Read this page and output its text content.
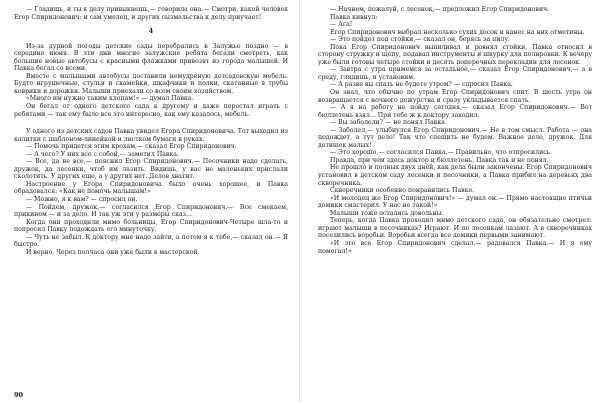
— Гладишь, и ты к делу привыкнешь,— говорила она.— Смотри, какой человек Егор Спиридонович: и сам умелец, и других сызмальства к делу приучает!

4

Из-за дурной погоды детские сады перебрались в Залужье поздно — в середине июня. В эти дни многие залужские ребята бегали смотреть, как большие новые автобусы с красными флажками привозят из города малышей. И Павка бегал со всеми.

Вместе с малышами автобусы доставили немудреную детсадовскую мебель. Будто игрушечные, стулья и скамейки, шкафчики и полки, скатанные в трубы коврики и дорожки. Малыши приехали со всем своим хозяйством.

«Много им нужно таким клопам!» — думал Павка.

Он бегал от одного детского сада к другому и даже перестал играть с ребятами — так ему было все это интересно, как ему казалось, мебель.

У одного из детских садов Павка увидел Егора Спиридоновича. Тот выходил из калитки с шаблоном-линейкой и листком бумаги в руках.

— Помочь придется этим крохам,— сказал Егор Спиридонович.

— А чего? У них все с собой,— заметил Павка.

— Все, да не все,— пояснил Егор Спиридонович.— Песочники надо сделать, дружок, да лесенки, чтоб им лазить. Видишь, у вас не маленьких прислали сколотить. У других еще, а у других нет. Делов хватит.

Настроение у Егора Спиридоновича было очень хорошее, и Павка обрадовался: «Как не помочь малышам!»

— Можно, я к вам? — спросил он.

— Пойдем, дружок,— согласился Егор Спиридонович.— Все смекаем, прикинем — и за дело. И так уж эти у размеры сказ...

Когда они проходили мимо больницы, Егор Спиридонович-Четыре шла-то и попросил Павку подождать его минуточку.

— Чуть не забыл. К доктору мне надо зайти, а потом я к тебе,— сказал он.— Я быстро.

И верно. Через полчаса они уже были в мастерской.

90

— Начнем, пожалуй, с лесенок,— предложил Егор Спиридонович.

Павка кивнул:

— Ага!

Егор Спиридонович выбрал несколько сухих досок и нанес на них отметины.

— Это пойдет под стойки,— сказал он, берясь за пилу.

Пока Егор Спиридонович выпиливал и ровнял стойки, Павка относил в сторону стружку и щепу, подавал инструменты и шкурку для полировки. К вечеру уже были готовы четыре стойки и десять поперечных перекладин для лесенок.

— Завтра с утра примемся за остальное,— сказал Егор Спиридонович,— а в среду, глядишь, и установим.

— А разве вы спать не будете утром? — спросил Павка.

Он знал, что обычно по утрам Егор Спиридонович спит. В шесть утра он возвращается с ночного дежурства и сразу укладывается спать.

— А я на работу не пойду сегодня,— сказал Егор Спиридонович.— Вот бюллетень взял... При тебе ж к доктору заходил.

— Вы заболели? — не понял Павка.

— Заболел,— улыбнулся Егор Спиридонович.— Не в том смысл. Работа — она подождет, а тут дело! Так что спешить не будем. Важное дело, дружок. Для детишек малых!

— Это хорошо,— согласился Павка.— Правильно, что отпросились.

Правда, при чем здесь доктор и бюллетень, Павка так и не понял.

Не прошло и полных двух дней, как дела были закончены. Егор Спиридонович установил в детском саду лесенки и песочники, а Павка прибил на деревьях два скворечника.

Скворечники особенно понравились Павке.

«И молодец же Егор Спиридонович!» — думал он.— Прямо настоящие птичьи домики смастерил. У нас не такой!»

Малыши тоже остались довольны.

Теперь, когда Павка проходил мимо детского сада, он обязательно смотрел: играют малыши в песочниках? Играют. И по лесенкам лазают. А в скворечниках поселились воробьи. Воробьи всегда все домики первыми занимают.

«И это все Егор Спиридонович сделал,— радовался Павка.— И я ему помогал!»
